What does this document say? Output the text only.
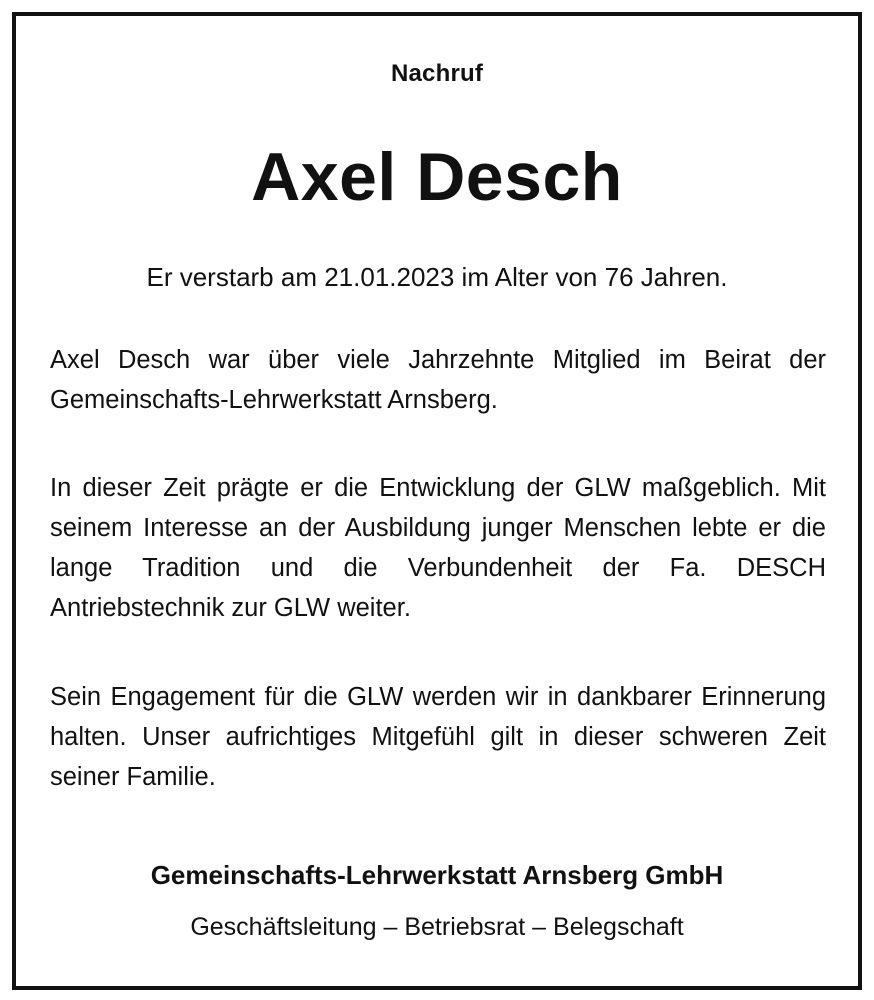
Nachruf
Axel Desch
Er verstarb am 21.01.2023 im Alter von 76 Jahren.

Axel Desch war über viele Jahrzehnte Mitglied im Beirat der Gemeinschafts-Lehrwerkstatt Arnsberg.

In dieser Zeit prägte er die Entwicklung der GLW maßgeblich. Mit seinem Interesse an der Ausbildung junger Menschen lebte er die lange Tradition und die Verbundenheit der Fa. DESCH Antriebstechnik zur GLW weiter.

Sein Engagement für die GLW werden wir in dankbarer Erinnerung halten. Unser aufrichtiges Mitgefühl gilt in dieser schweren Zeit seiner Familie.

Gemeinschafts-Lehrwerkstatt Arnsberg GmbH
Geschäftsleitung – Betriebsrat – Belegschaft
